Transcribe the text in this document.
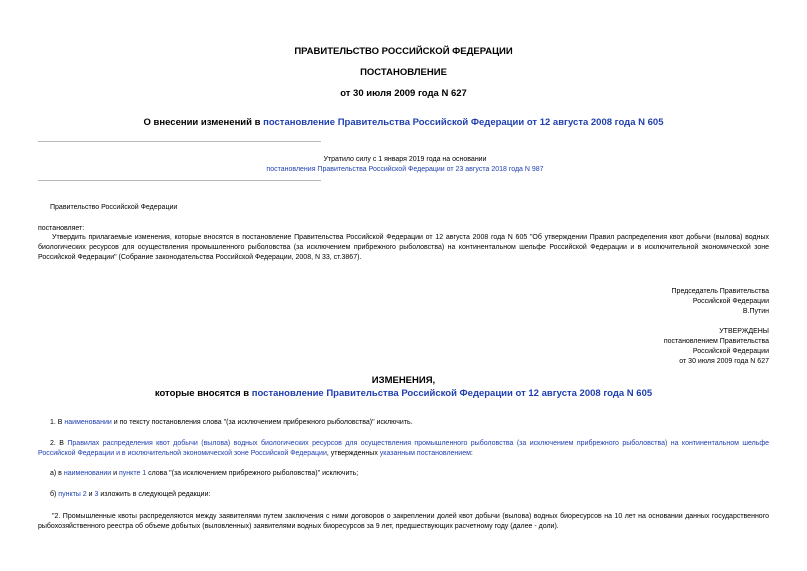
ПРАВИТЕЛЬСТВО РОССИЙСКОЙ ФЕДЕРАЦИИ
ПОСТАНОВЛЕНИЕ
от 30 июля 2009 года N 627
О внесении изменений в постановление Правительства Российской Федерации от 12 августа 2008 года N 605
Утратило силу с 1 января 2019 года на основании
постановления Правительства Российской Федерации от 23 августа 2018 года N 987
Правительство Российской Федерации
постановляет:
Утвердить прилагаемые изменения, которые вносятся в постановление Правительства Российской Федерации от 12 августа 2008 года N 605 "Об утверждении Правил распределения квот добычи (вылова) водных биологических ресурсов для осуществления промышленного рыболовства (за исключением прибрежного рыболовства) на континентальном шельфе Российской Федерации и в исключительной экономической зоне Российской Федерации" (Собрание законодательства Российской Федерации, 2008, N 33, ст.3867).
Председатель Правительства
Российской Федерации
В.Путин
УТВЕРЖДЕНЫ
постановлением Правительства
Российской Федерации
от 30 июля 2009 года N 627
ИЗМЕНЕНИЯ,
которые вносятся в постановление Правительства Российской Федерации от 12 августа 2008 года N 605
1. В наименовании и по тексту постановления слова "(за исключением прибрежного рыболовства)" исключить.
2. В Правилах распределения квот добычи (вылова) водных биологических ресурсов для осуществления промышленного рыболовства (за исключением прибрежного рыболовства) на континентальном шельфе Российской Федерации и в исключительной экономической зоне Российской Федерации, утвержденных указанным постановлением:
а) в наименовании и пункте 1 слова "(за исключением прибрежного рыболовства)" исключить;
б) пункты 2 и 3 изложить в следующей редакции:
"2. Промышленные квоты распределяются между заявителями путем заключения с ними договоров о закреплении долей квот добычи (вылова) водных биоресурсов на 10 лет на основании данных государственного рыбохозяйственного реестра об объеме добытых (выловленных) заявителями водных биоресурсов за 9 лет, предшествующих расчетному году (далее - доли).
